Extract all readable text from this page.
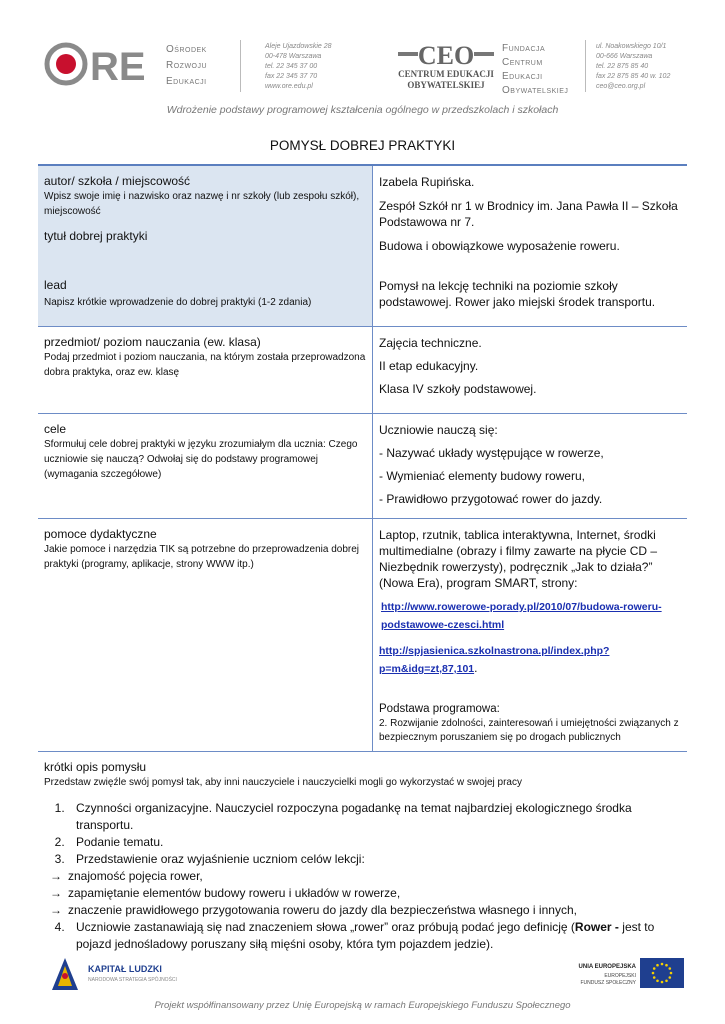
RE Ośrodek
Rozwoju
Edukacji
Aleje Ujazdowskie 28
00-478 Warszawa
tel. 22 345 37 00
fax 22 345 37 70
www.ore.edu.pl
CEO
CENTRUM EDUKACJI
OBYWATELSKIEJ
Fundacja
Centrum
Edukacji
Obywatelskiej
ul. Noakowskiego 10/1
00-666 Warszawa
tel. 22 875 85 40
fax 22 875 85 40 w. 102
ceo@ceo.org.pl
Wdrożenie podstawy programowej kształcenia ogólnego w przedszkolach i szkołach
POMYSŁ DOBREJ PRAKTYKI
autor/ szkoła / miejscowość
Wpisz swoje imię i nazwisko oraz nazwę i nr szkoły (lub zespołu szkół), miejscowość
tytuł dobrej praktyki
lead
Napisz krótkie wprowadzenie do dobrej praktyki (1-2 zdania)
Izabela Rupińska.
Zespół Szkół nr 1 w Brodnicy im. Jana Pawła II – Szkoła Podstawowa nr 7.
Budowa i obowiązkowe wyposażenie roweru.
Pomysł na lekcję techniki na poziomie szkoły podstawowej. Rower jako miejski środek transportu.
przedmiot/ poziom nauczania (ew. klasa)
Podaj przedmiot i poziom nauczania, na którym została przeprowadzona dobra praktyka, oraz ew. klasę
Zajęcia techniczne.
II etap edukacyjny.
Klasa IV szkoły podstawowej.
cele
Sformułuj cele dobrej praktyki w języku zrozumiałym dla ucznia: Czego uczniowie się nauczą? Odwołaj się do podstawy programowej (wymagania szczegółowe)
Uczniowie nauczą się:
- Nazywać układy występujące w rowerze,
- Wymieniać elementy budowy roweru,
- Prawidłowo przygotować rower do jazdy.
pomoce dydaktyczne
Jakie pomoce i narzędzia TIK są potrzebne do przeprowadzenia dobrej praktyki (programy, aplikacje, strony WWW itp.)
Laptop, rzutnik, tablica interaktywna, Internet, środki multimedialne (obrazy i filmy zawarte na płycie CD – Niezbędnik rowerzysty), podręcznik „Jak to działa?” (Nowa Era), program SMART, strony:
http://www.rowerowe-porady.pl/2010/07/budowa-roweru-podstawowe-czesci.html
http://spjasienica.szkolnastrona.pl/index.php?p=m&idg=zt,87,101.
Podstawa programowa:
2. Rozwijanie zdolności, zainteresowań i umiejętności związanych z bezpiecznym poruszaniem się po drogach publicznych
krótki opis pomysłu
Przedstaw zwięźle swój pomysł tak, aby inni nauczyciele i nauczycielki mogli go wykorzystać w swojej pracy
1. Czynności organizacyjne. Nauczyciel rozpoczyna pogadankę na temat najbardziej ekologicznego środka transportu.
2. Podanie tematu.
3. Przedstawienie oraz wyjaśnienie uczniom celów lekcji:
→ znajomość pojęcia rower,
→ zapamiętanie elementów budowy roweru i układów w rowerze,
→ znaczenie prawidłowego przygotowania roweru do jazdy dla bezpieczeństwa własnego i innych,
4. Uczniowie zastanawiają się nad znaczeniem słowa „rower” oraz próbują podać jego definicję (Rower - jest to pojazd jednośladowy poruszany siłą mięśni osoby, która tym pojazdem jedzie).
KAPITAŁ LUDZKI
NARODOWA STRATEGIA SPÓJNOŚCI
UNIA EUROPEJSKA
EUROPEJSKI
FUNDUSZ SPOŁECZNY
Projekt współfinansowany przez Unię Europejską w ramach Europejskiego Funduszu Społecznego
